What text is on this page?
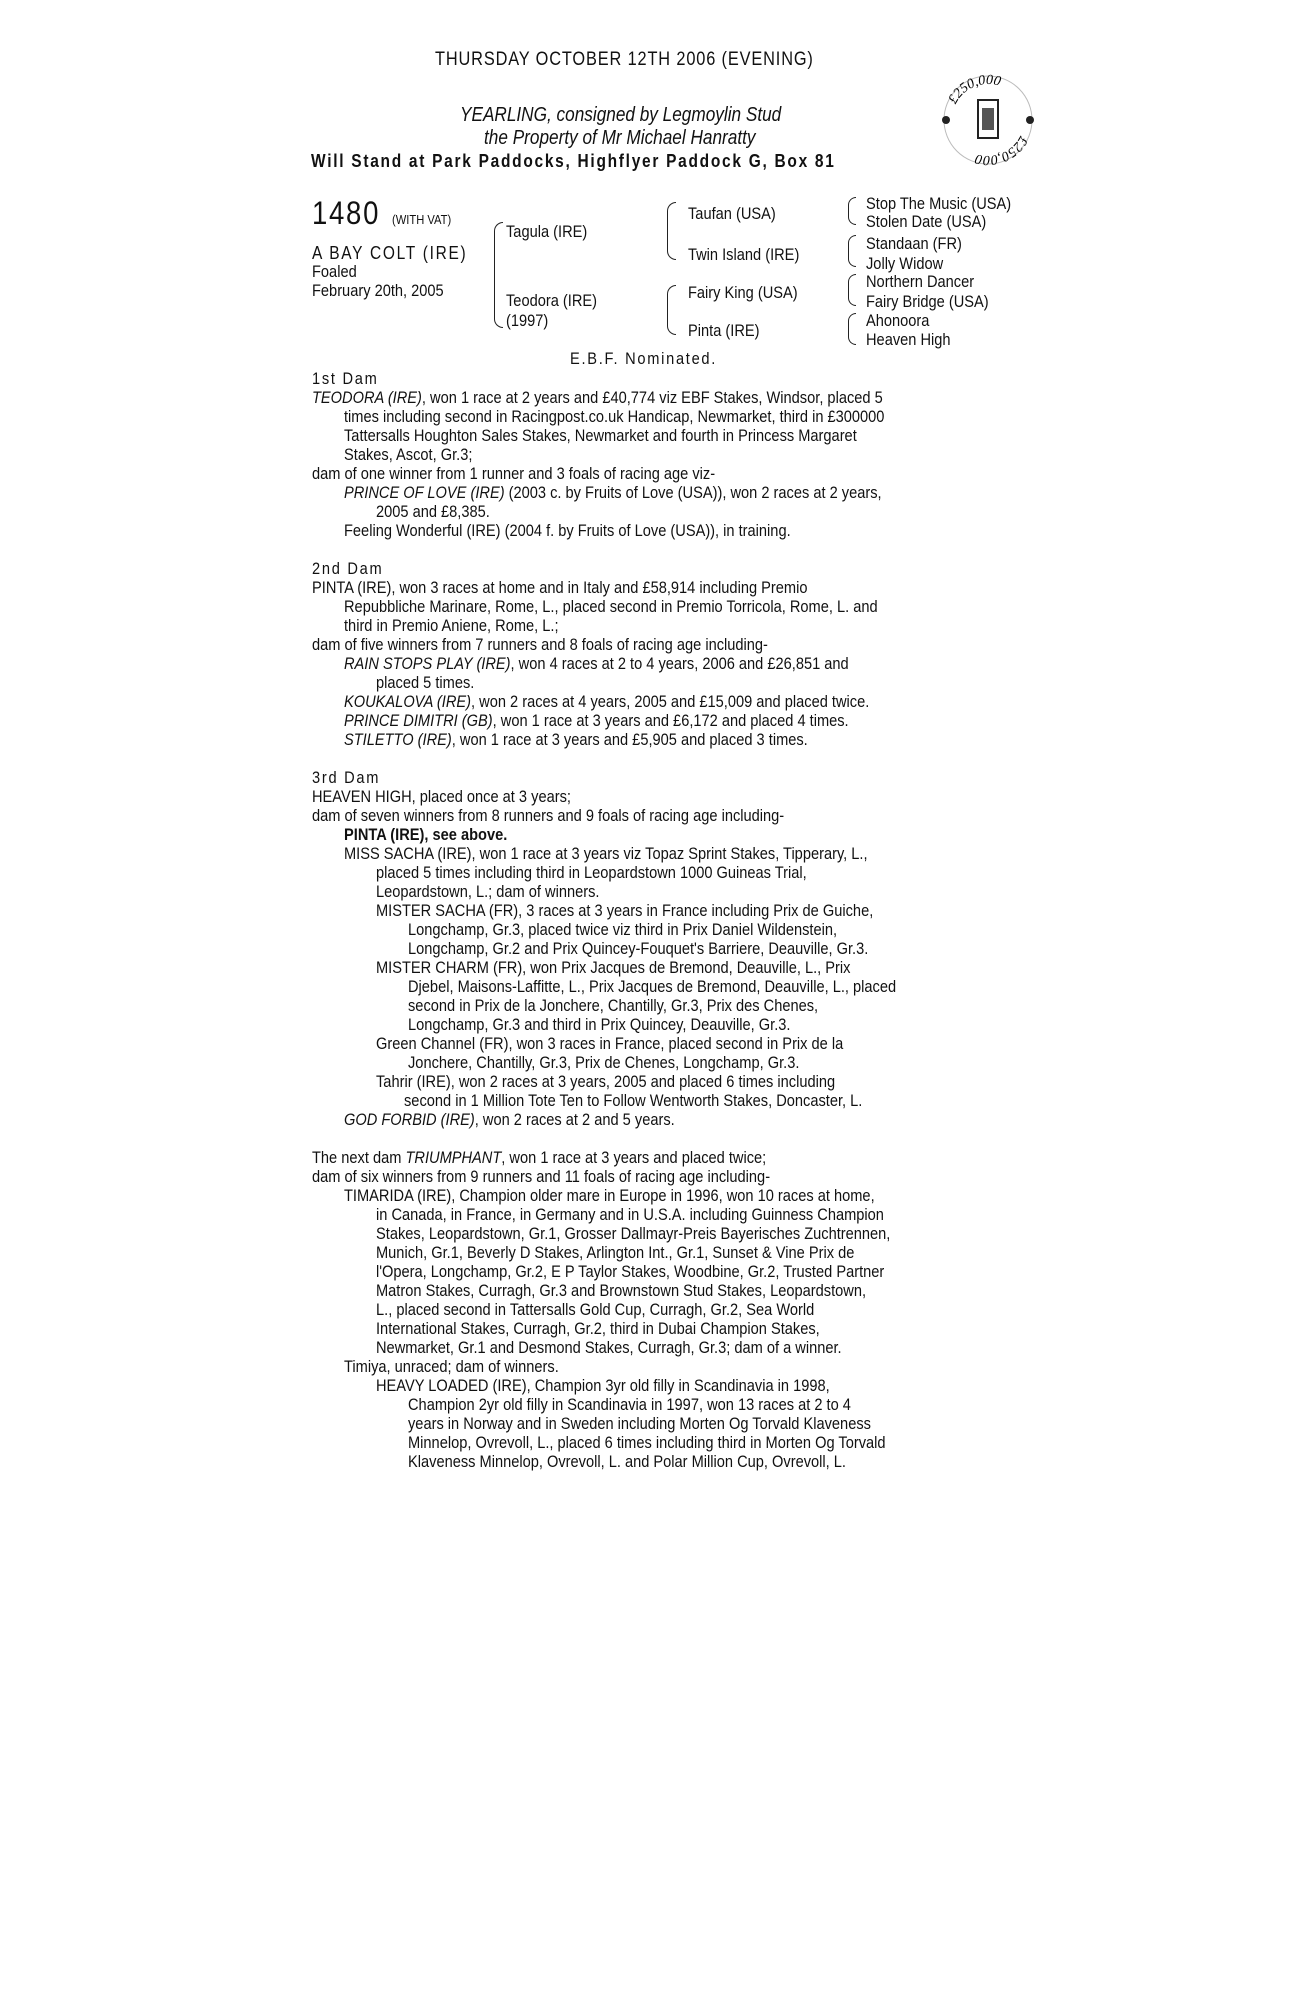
THURSDAY OCTOBER 12TH 2006 (EVENING)
YEARLING, consigned by Legmoylin Stud
the Property of Mr Michael Hanratty
Will Stand at Park Paddocks, Highflyer Paddock G, Box 81
£250,000
£250,000
1480 (WITH VAT)
A BAY COLT (IRE)
Foaled
February 20th, 2005
Tagula (IRE)
Teodora (IRE)
(1997)
Taufan (USA)
Twin Island (IRE)
Fairy King (USA)
Pinta (IRE)
Stop The Music (USA)
Stolen Date (USA)
Standaan (FR)
Jolly Widow
Northern Dancer
Fairy Bridge (USA)
Ahonoora
Heaven High
E.B.F. Nominated.
1st Dam
TEODORA (IRE), won 1 race at 2 years and £40,774 viz EBF Stakes, Windsor, placed 5
times including second in Racingpost.co.uk Handicap, Newmarket, third in £300000
Tattersalls Houghton Sales Stakes, Newmarket and fourth in Princess Margaret
Stakes, Ascot, Gr.3;
dam of one winner from 1 runner and 3 foals of racing age viz-
PRINCE OF LOVE (IRE) (2003 c. by Fruits of Love (USA)), won 2 races at 2 years,
2005 and £8,385.
Feeling Wonderful (IRE) (2004 f. by Fruits of Love (USA)), in training.
2nd Dam
PINTA (IRE), won 3 races at home and in Italy and £58,914 including Premio
Repubbliche Marinare, Rome, L., placed second in Premio Torricola, Rome, L. and
third in Premio Aniene, Rome, L.;
dam of five winners from 7 runners and 8 foals of racing age including-
RAIN STOPS PLAY (IRE), won 4 races at 2 to 4 years, 2006 and £26,851 and
placed 5 times.
KOUKALOVA (IRE), won 2 races at 4 years, 2005 and £15,009 and placed twice.
PRINCE DIMITRI (GB), won 1 race at 3 years and £6,172 and placed 4 times.
STILETTO (IRE), won 1 race at 3 years and £5,905 and placed 3 times.
3rd Dam
HEAVEN HIGH, placed once at 3 years;
dam of seven winners from 8 runners and 9 foals of racing age including-
PINTA (IRE), see above.
MISS SACHA (IRE), won 1 race at 3 years viz Topaz Sprint Stakes, Tipperary, L.,
placed 5 times including third in Leopardstown 1000 Guineas Trial,
Leopardstown, L.; dam of winners.
MISTER SACHA (FR), 3 races at 3 years in France including Prix de Guiche,
Longchamp, Gr.3, placed twice viz third in Prix Daniel Wildenstein,
Longchamp, Gr.2 and Prix Quincey-Fouquet's Barriere, Deauville, Gr.3.
MISTER CHARM (FR), won Prix Jacques de Bremond, Deauville, L., Prix
Djebel, Maisons-Laffitte, L., Prix Jacques de Bremond, Deauville, L., placed
second in Prix de la Jonchere, Chantilly, Gr.3, Prix des Chenes,
Longchamp, Gr.3 and third in Prix Quincey, Deauville, Gr.3.
Green Channel (FR), won 3 races in France, placed second in Prix de la
Jonchere, Chantilly, Gr.3, Prix de Chenes, Longchamp, Gr.3.
Tahrir (IRE), won 2 races at 3 years, 2005 and placed 6 times including
second in 1 Million Tote Ten to Follow Wentworth Stakes, Doncaster, L.
GOD FORBID (IRE), won 2 races at 2 and 5 years.
The next dam TRIUMPHANT, won 1 race at 3 years and placed twice;
dam of six winners from 9 runners and 11 foals of racing age including-
TIMARIDA (IRE), Champion older mare in Europe in 1996, won 10 races at home,
in Canada, in France, in Germany and in U.S.A. including Guinness Champion
Stakes, Leopardstown, Gr.1, Grosser Dallmayr-Preis Bayerisches Zuchtrennen,
Munich, Gr.1, Beverly D Stakes, Arlington Int., Gr.1, Sunset & Vine Prix de
l'Opera, Longchamp, Gr.2, E P Taylor Stakes, Woodbine, Gr.2, Trusted Partner
Matron Stakes, Curragh, Gr.3 and Brownstown Stud Stakes, Leopardstown,
L., placed second in Tattersalls Gold Cup, Curragh, Gr.2, Sea World
International Stakes, Curragh, Gr.2, third in Dubai Champion Stakes,
Newmarket, Gr.1 and Desmond Stakes, Curragh, Gr.3; dam of a winner.
Timiya, unraced; dam of winners.
HEAVY LOADED (IRE), Champion 3yr old filly in Scandinavia in 1998,
Champion 2yr old filly in Scandinavia in 1997, won 13 races at 2 to 4
years in Norway and in Sweden including Morten Og Torvald Klaveness
Minnelop, Ovrevoll, L., placed 6 times including third in Morten Og Torvald
Klaveness Minnelop, Ovrevoll, L. and Polar Million Cup, Ovrevoll, L.
